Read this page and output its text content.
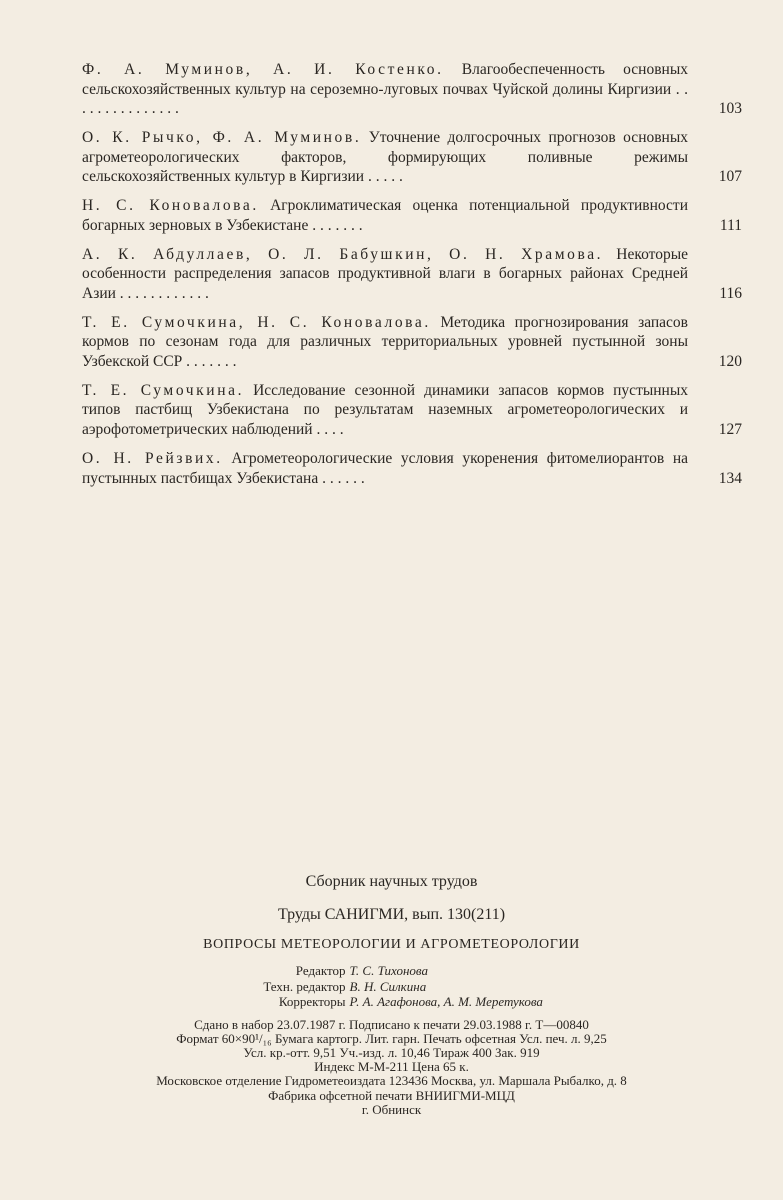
Ф. А. Муминов, А. И. Костенко. Влагообеспеченность основных сельскохозяйственных культур на сероземно-луговых почвах Чуйской долины Киргизии . . . . . . . . . . . . . . .	103
О. К. Рычко, Ф. А. Муминов. Уточнение долгосрочных прогнозов основных агрометеорологических факторов, формирующих поливные режимы сельскохозяйственных культур в Киргизии . . . . .	107
Н. С. Коновалова. Агроклиматическая оценка потенциальной продуктивности богарных зерновых в Узбекистане . . . . . . .	111
А. К. Абдуллаев, О. Л. Бабушкин, О. Н. Храмова. Некоторые особенности распределения запасов продуктивной влаги в богарных районах Средней Азии . . . . . . . . . . . .	116
Т. Е. Сумочкина, Н. С. Коновалова. Методика прогнозирования запасов кормов по сезонам года для различных территориальных уровней пустынной зоны Узбекской ССР . . . . . . .	120
Т. Е. Сумочкина. Исследование сезонной динамики запасов кормов пустынных типов пастбищ Узбекистана по результатам наземных агрометеорологических и аэрофотометрических наблюдений . . . .	127
О. Н. Рейзвих. Агрометеорологические условия укоренения фитомелиорантов на пустынных пастбищах Узбекистана . . . . . .	134
Сборник научных трудов
Труды САНИГМИ, вып. 130(211)
ВОПРОСЫ МЕТЕОРОЛОГИИ И АГРОМЕТЕОРОЛОГИИ
Редактор Т. С. Тихонова
Техн. редактор В. Н. Силкина
Корректоры Р. А. Агафонова, А. М. Меретукова
Сдано в набор 23.07.1987 г. Подписано к печати 29.03.1988 г. Т—00840
Формат 60×90¹/₁₆ Бумага картогр. Лит. гарн. Печать офсетная Усл. печ. л. 9,25
Усл. кр.-отт. 9,51 Уч.-изд. л. 10,46 Тираж 400 Зак. 919
Индекс М-М-211 Цена 65 к.
Московское отделение Гидрометеоиздата 123436 Москва, ул. Маршала Рыбалко, д. 8
Фабрика офсетной печати ВНИИГМИ-МЦД
г. Обнинск
